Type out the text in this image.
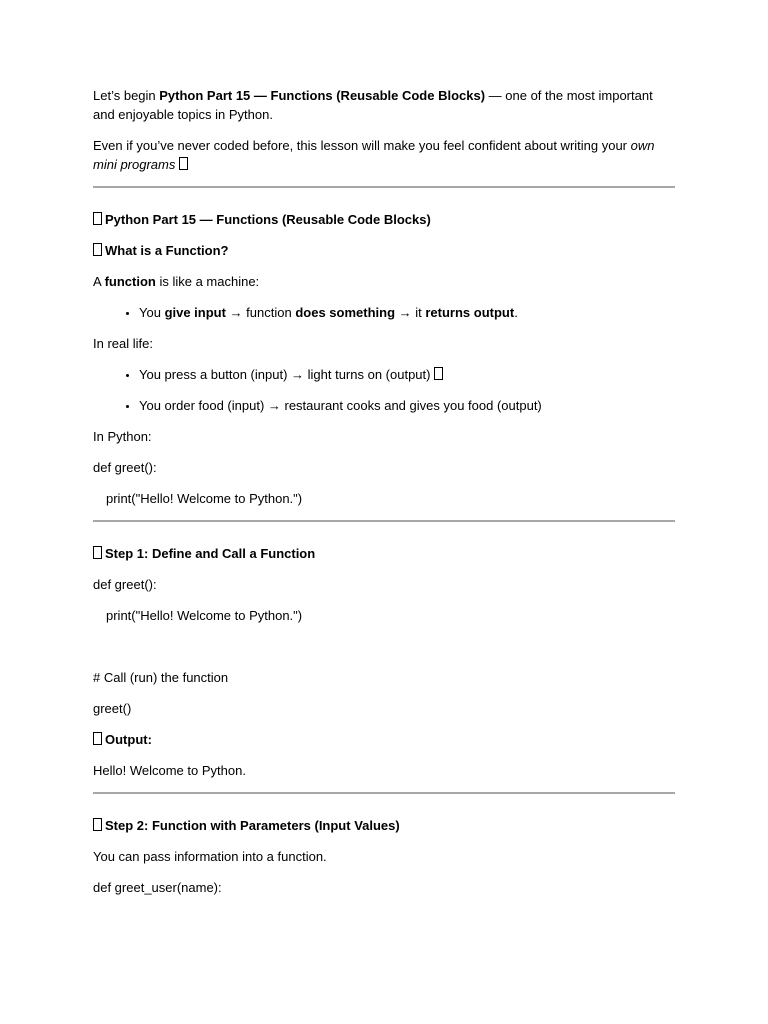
Let’s begin Python Part 15 — Functions (Reusable Code Blocks) — one of the most important and enjoyable topics in Python.

Even if you’ve never coded before, this lesson will make you feel confident about writing your own mini programs

Python Part 15 — Functions (Reusable Code Blocks)

What is a Function?

A function is like a machine:

• You give input → function does something → it returns output.

In real life:

• You press a button (input) → light turns on (output)
• You order food (input) → restaurant cooks and gives you food (output)

In Python:

def greet():

print("Hello! Welcome to Python.")

Step 1: Define and Call a Function

def greet():

print("Hello! Welcome to Python.")

# Call (run) the function

greet()

Output:

Hello! Welcome to Python.

Step 2: Function with Parameters (Input Values)

You can pass information into a function.

def greet_user(name):
